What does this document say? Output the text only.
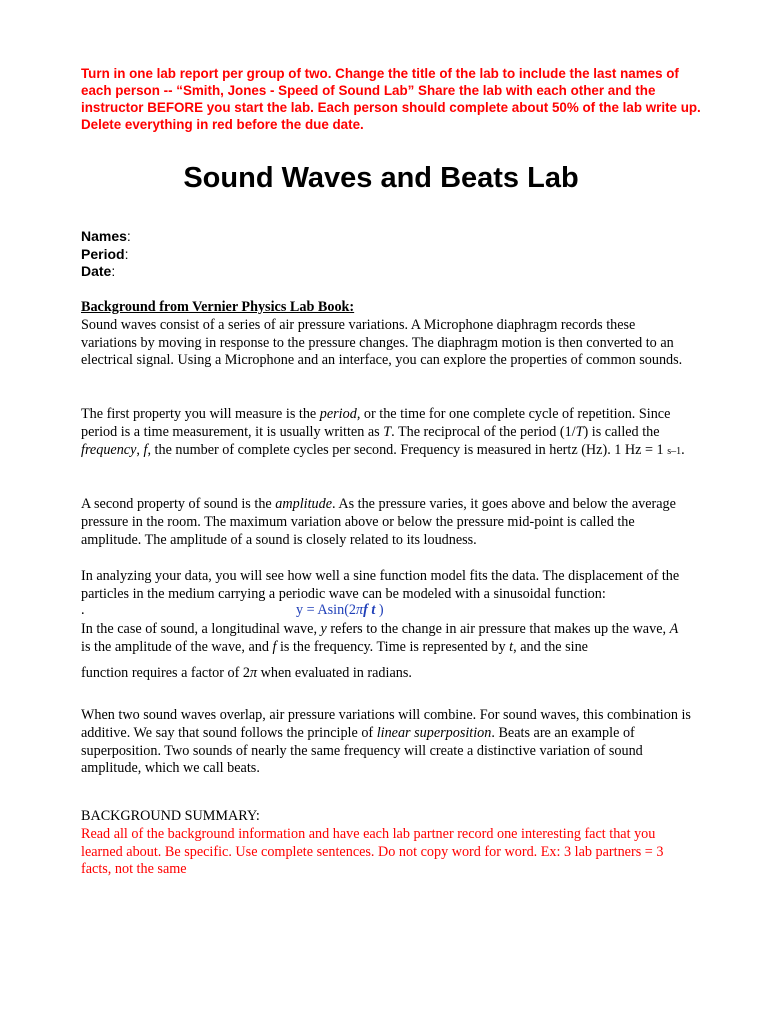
Turn in one lab report per group of two. Change the title of the lab to include the last names of each person -- “Smith, Jones - Speed of Sound Lab” Share the lab with each other and the instructor BEFORE you start the lab. Each person should complete about 50% of the lab write up. Delete everything in red before the due date.
Sound Waves and Beats Lab
Names:
Period:
Date:
Background from Vernier Physics Lab Book:
Sound waves consist of a series of air pressure variations. A Microphone diaphragm records these variations by moving in response to the pressure changes. The diaphragm motion is then converted to an electrical signal. Using a Microphone and an interface, you can explore the properties of common sounds.
The first property you will measure is the period, or the time for one complete cycle of repetition. Since period is a time measurement, it is usually written as T. The reciprocal of the period (1/T) is called the frequency, f, the number of complete cycles per second. Frequency is measured in hertz (Hz). 1 Hz = 1 s–1.
A second property of sound is the amplitude. As the pressure varies, it goes above and below the average pressure in the room. The maximum variation above or below the pressure mid-point is called the amplitude. The amplitude of a sound is closely related to its loudness.
In analyzing your data, you will see how well a sine function model fits the data. The displacement of the particles in the medium carrying a periodic wave can be modeled with a sinusoidal function:
.	y = Asin(2πf t )
In the case of sound, a longitudinal wave, y refers to the change in air pressure that makes up the wave, A is the amplitude of the wave, and f is the frequency. Time is represented by t, and the sine
function requires a factor of 2π when evaluated in radians.
When two sound waves overlap, air pressure variations will combine. For sound waves, this combination is additive. We say that sound follows the principle of linear superposition. Beats are an example of superposition. Two sounds of nearly the same frequency will create a distinctive variation of sound amplitude, which we call beats.
BACKGROUND SUMMARY:
Read all of the background information and have each lab partner record one interesting fact that you learned about. Be specific. Use complete sentences. Do not copy word for word. Ex: 3 lab partners = 3 facts, not the same
